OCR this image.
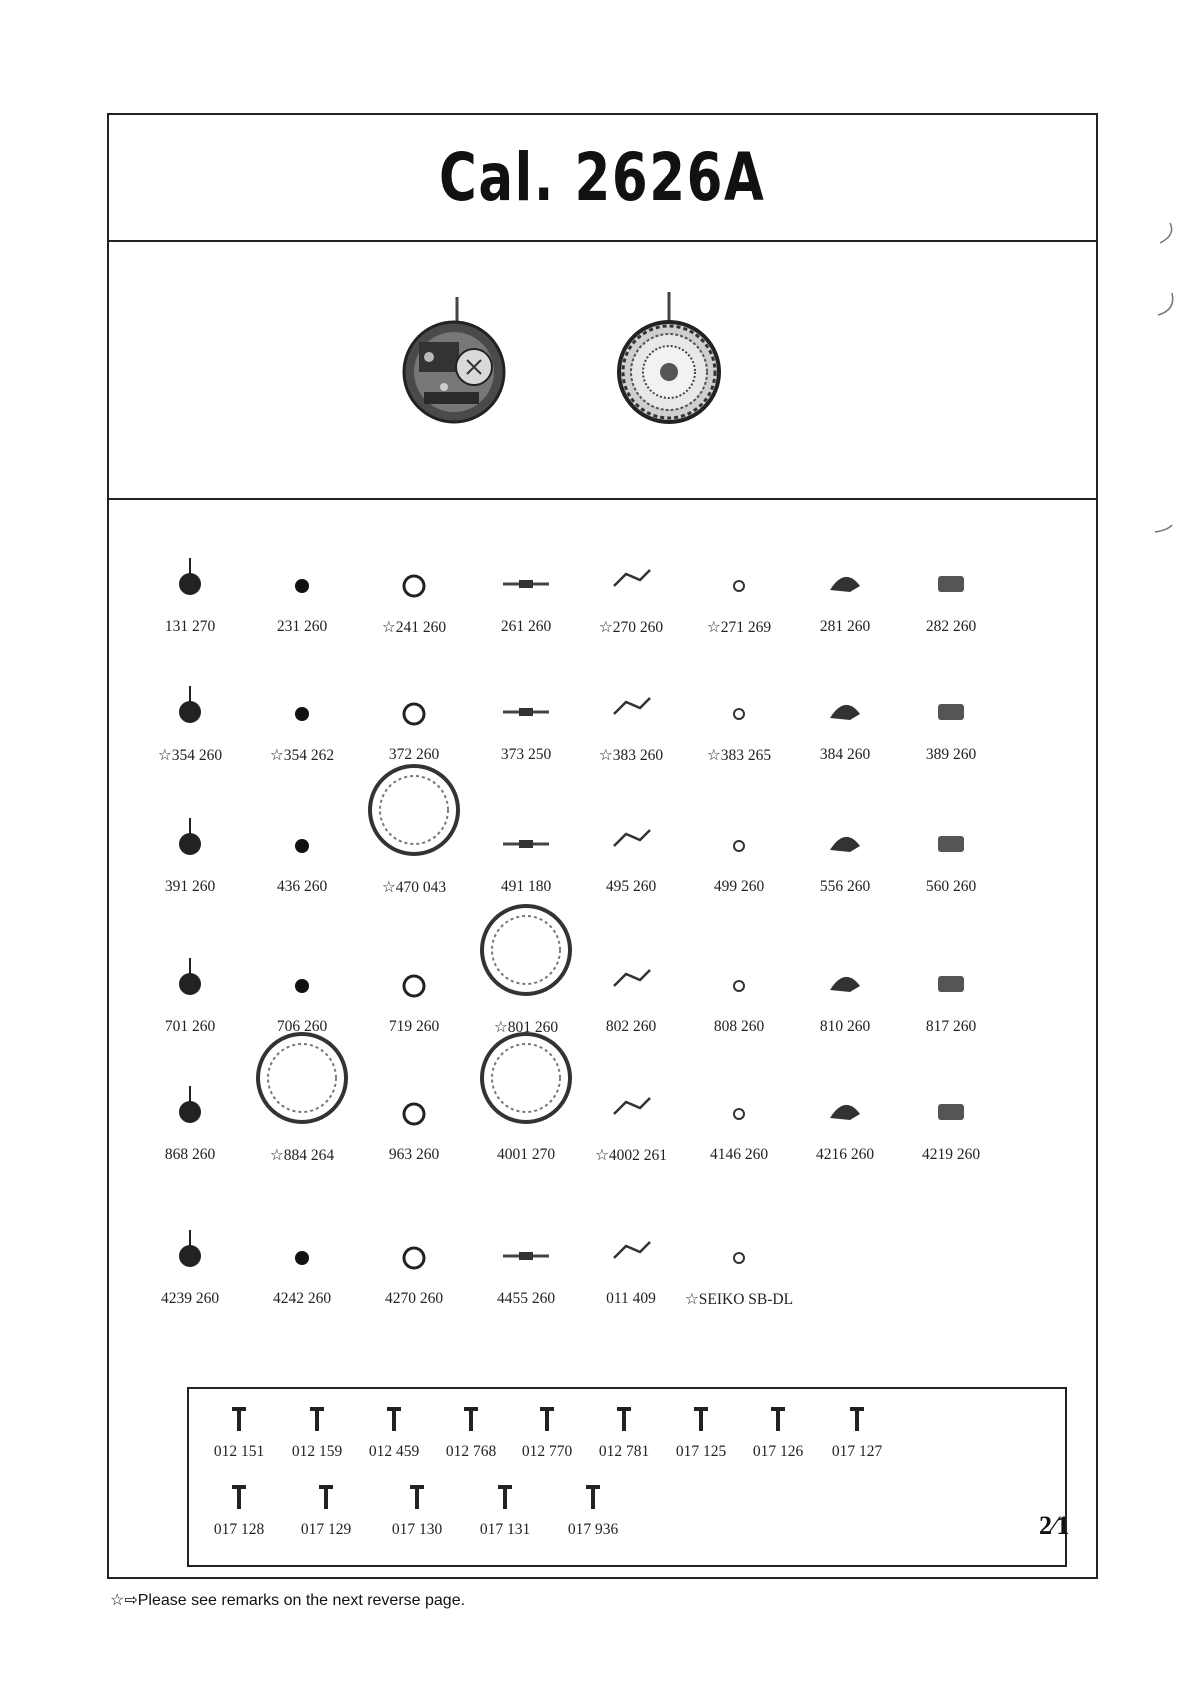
Cal. 2626A
131 270	231 260	☆241 260	261 260	☆270 260	☆271 269	281 260	282 260
☆354 260	☆354 262	372 260	373 250	☆383 260	☆383 265	384 260	389 260
391 260	436 260	☆470 043	491 180	495 260	499 260	556 260	560 260
701 260	706 260	719 260	☆801 260	802 260	808 260	810 260	817 260
868 260	☆884 264	963 260	4001 270	☆4002 261	4146 260	4216 260	4219 260
4239 260	4242 260	4270 260	4455 260	011 409	☆SEIKO SB-DL
2⁄1
012 151	012 159	012 459	012 768	012 770	012 781	017 125	017 126	017 127
017 128	017 129	017 130	017 131	017 936
☆⇨Please see remarks on the next reverse page.
